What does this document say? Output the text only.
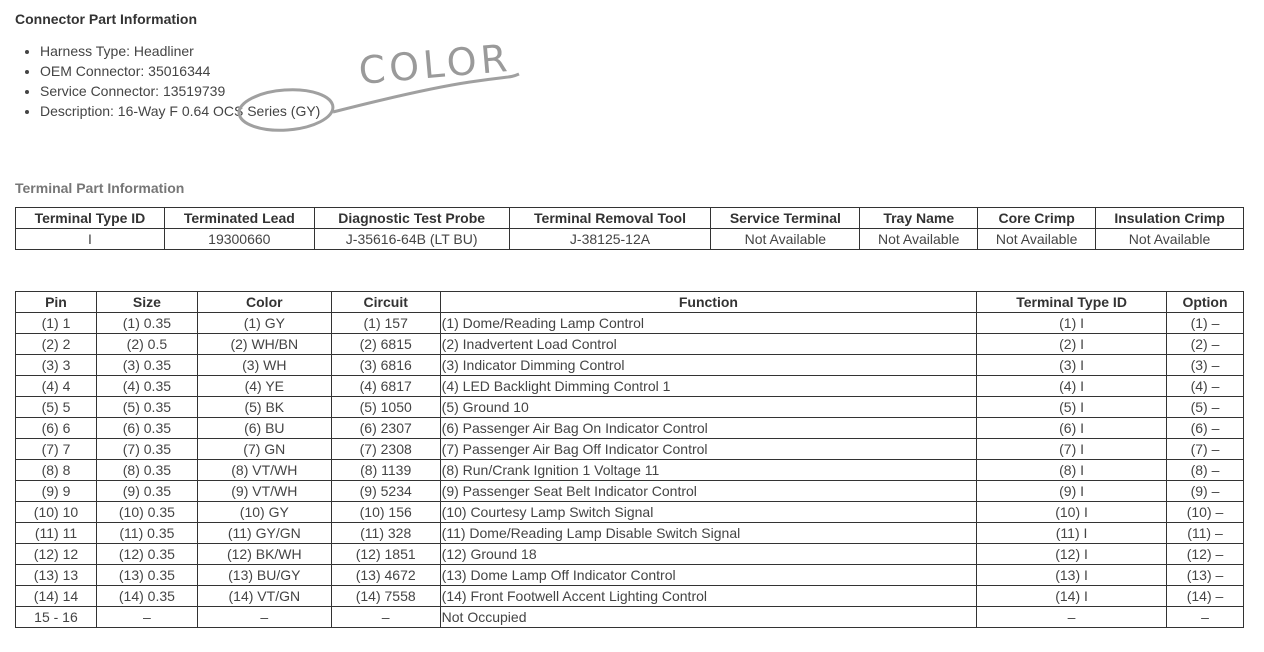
Connector Part Information
• Harness Type: Headliner
• OEM Connector: 35016344
• Service Connector: 13519739
• Description: 16-Way F 0.64 OCS Series (GY)
COLOR
Terminal Part Information
Terminal Type ID	Terminated Lead	Diagnostic Test Probe	Terminal Removal Tool	Service Terminal	Tray Name	Core Crimp	Insulation Crimp
I	19300660	J-35616-64B (LT BU)	J-38125-12A	Not Available	Not Available	Not Available	Not Available
Pin	Size	Color	Circuit	Function	Terminal Type ID	Option
(1) 1	(1) 0.35	(1) GY	(1) 157	(1) Dome/Reading Lamp Control	(1) I	(1) –
(2) 2	(2) 0.5	(2) WH/BN	(2) 6815	(2) Inadvertent Load Control	(2) I	(2) –
(3) 3	(3) 0.35	(3) WH	(3) 6816	(3) Indicator Dimming Control	(3) I	(3) –
(4) 4	(4) 0.35	(4) YE	(4) 6817	(4) LED Backlight Dimming Control 1	(4) I	(4) –
(5) 5	(5) 0.35	(5) BK	(5) 1050	(5) Ground 10	(5) I	(5) –
(6) 6	(6) 0.35	(6) BU	(6) 2307	(6) Passenger Air Bag On Indicator Control	(6) I	(6) –
(7) 7	(7) 0.35	(7) GN	(7) 2308	(7) Passenger Air Bag Off Indicator Control	(7) I	(7) –
(8) 8	(8) 0.35	(8) VT/WH	(8) 1139	(8) Run/Crank Ignition 1 Voltage 11	(8) I	(8) –
(9) 9	(9) 0.35	(9) VT/WH	(9) 5234	(9) Passenger Seat Belt Indicator Control	(9) I	(9) –
(10) 10	(10) 0.35	(10) GY	(10) 156	(10) Courtesy Lamp Switch Signal	(10) I	(10) –
(11) 11	(11) 0.35	(11) GY/GN	(11) 328	(11) Dome/Reading Lamp Disable Switch Signal	(11) I	(11) –
(12) 12	(12) 0.35	(12) BK/WH	(12) 1851	(12) Ground 18	(12) I	(12) –
(13) 13	(13) 0.35	(13) BU/GY	(13) 4672	(13) Dome Lamp Off Indicator Control	(13) I	(13) –
(14) 14	(14) 0.35	(14) VT/GN	(14) 7558	(14) Front Footwell Accent Lighting Control	(14) I	(14) –
15 - 16	–	–	–	Not Occupied	–	–
